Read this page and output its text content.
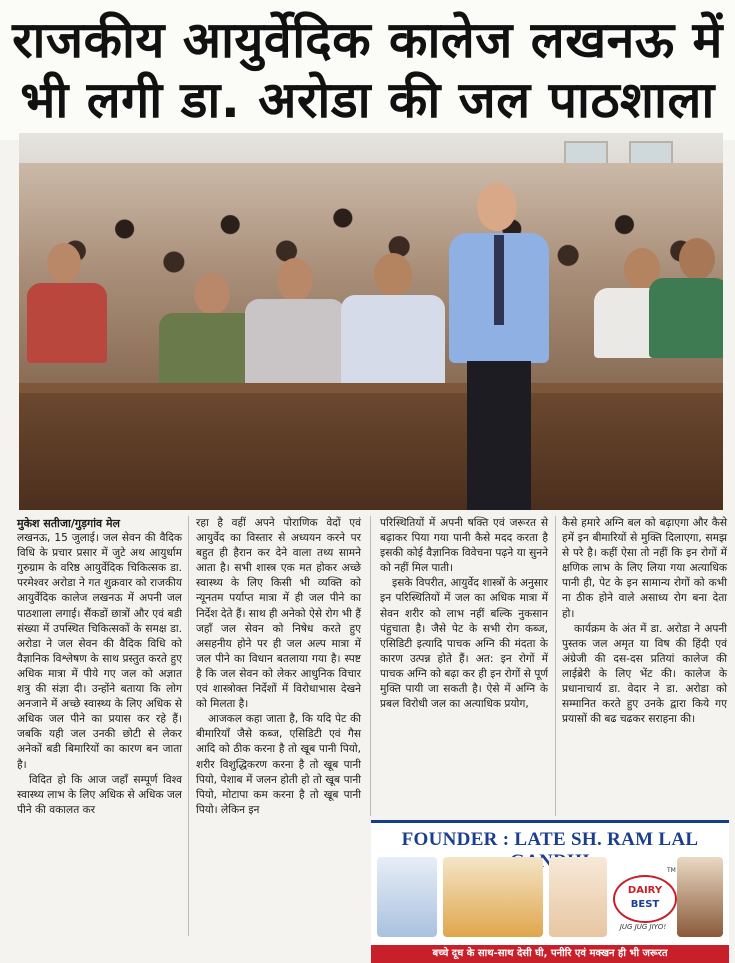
राजकीय आयुर्वेदिक कालेज लखनऊ में
भी लगी डा. अरोडा की जल पाठशाला
मुकेश सतीजा/गुड़गांव मेल

लखनऊ, 15 जुलाई। जल सेवन की वैदिक विधि के प्रचार प्रसार में जुटे अथ आयुर्धाम गुरुग्राम के वरिष्ठ आयुर्वेदिक चिकित्सक डा. परमेश्वर अरोडा ने गत शुक्रवार को राजकीय आयुर्वेदिक कालेज लखनऊ में अपनी जल पाठशाला लगाई। सैंकडों छात्रों और एवं बडी संख्या में उपस्थित चिकित्सकों के समक्ष डा. अरोडा ने जल सेवन की वैदिक विधि को वैज्ञानिक विश्लेषण के साथ प्रस्तुत करते हुए अधिक मात्रा में पीये गए जल को अज्ञात शत्रु की संज्ञा दी। उन्होंने बताया कि लोग अनजाने में अच्छे स्वास्थ्य के लिए अधिक से अधिक जल पीने का प्रयास कर रहे हैं। जबकि यही जल उनकी छोटी से लेकर अनेकों बडी बिमारियों का कारण बन जाता है।

विदित हो कि आज जहाँ सम्पूर्ण विश्व स्वास्थ्य लाभ के लिए अधिक से अधिक जल पीने की वकालत कर

रहा है वहीं अपने पोराणिक वेदों एवं आयुर्वेद का विस्तार से अध्ययन करने पर बहुत ही हैरान कर देने वाला तथ्य सामने आता है। सभी शास्त्र एक मत होकर अच्छे स्वास्थ्य के लिए किसी भी व्यक्ति को न्यूनतम पर्याप्त मात्रा में ही जल पीने का निर्देश देते हैं। साथ ही अनेको ऐसे रोग भी हैं जहाँ जल सेवन को निषेध करते हुए असहनीय होने पर ही जल अल्प मात्रा में जल पीने का विधान बतलाया गया है। स्पष्ट है कि जल सेवन को लेकर आधुनिक विचार एवं शास्त्रोक्त निर्देशों में विरोधाभास देखने को मिलता है।

आजकल कहा जाता है, कि यदि पेट की बीमारियाँ जैसे कब्ज, एसिडिटी एवं गैस आदि को ठीक करना है तो खूब पानी पियो, शरीर विशुद्धिकरण करना है तो खूब पानी पियो, पेशाब में जलन होती हो तो खूब पानी पियो, मोटापा कम करना है तो खूब पानी पियो। लेकिन इन

परिस्थितियों में अपनी षक्ति एवं जरूरत से बढ़ाकर पिया गया पानी कैसे मदद करता है इसकी कोई वैज्ञानिक विवेचना पढ़ने या सुनने को नहीं मिल पाती।

इसके विपरीत, आयुर्वेद शास्त्रों के अनुसार इन परिस्थितियों में जल का अधिक मात्रा में सेवन शरीर को लाभ नहीं बल्कि नुकसान पंहुचाता है। जैसे पेट के सभी रोग कब्ज, एसिडिटी इत्यादि पाचक अग्नि की मंदता के कारण उत्पन्न होते हैं। अत: इन रोगों में पाचक अग्नि को बढ़ा कर ही इन रोगों से पूर्ण मुक्ति पायी जा सकती है। ऐसे में अग्नि के प्रबल विरोधी जल का अत्याधिक प्रयोग,

कैसे हमारे अग्नि बल को बढ़ाएगा और कैसे हमें इन बीमारियों से मुक्ति दिलाएगा, समझ से परे है। कहीं ऐसा तो नहीं कि इन रोगों में क्षणिक लाभ के लिए लिया गया अत्याधिक पानी ही, पेट के इन सामान्य रोगों को कभी ना ठीक होने वाले असाध्य रोग बना देता हो।

कार्यक्रम के अंत में डा. अरोडा ने अपनी पुस्तक जल अमृत या विष की हिंदी एवं अंग्रेजी की दस-दस प्रतियां कालेज की लाईब्रेरी के लिए भेंट की। कालेज के प्रधानाचार्य डा. वेदार ने डा. अरोडा को सम्मानित करते हुए उनके द्वारा किये गए प्रयासों की बढ चढकर सराहना की।

FOUNDER : LATE SH. RAM LAL
DAIRY
BEST
TM
JUG JUG JIYO!
बच्चे दूध के साथ-साथ देसी घी, पनीरि एवं मक्खन ही भी जरूरत
